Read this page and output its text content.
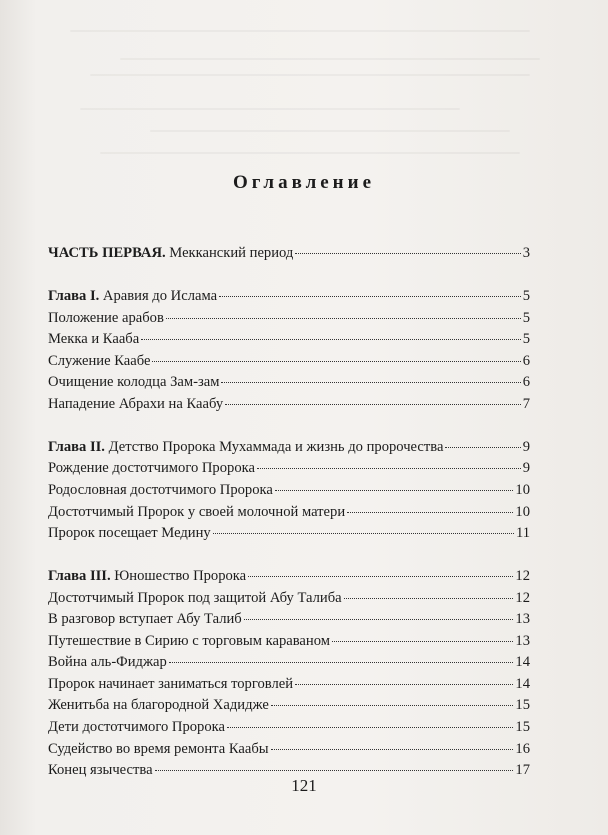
Оглавление
ЧАСТЬ ПЕРВАЯ. Мекканский период	3
Глава I. Аравия до Ислама	5
Положение арабов	5
Мекка и Кааба	5
Служение Каабе	6
Очищение колодца Зам-зам	6
Нападение Абрахи на Каабу	7
Глава II. Детство Пророка Мухаммада и жизнь до пророчества	9
Рождение достотчимого Пророка	9
Родословная достотчимого Пророка	10
Достотчимый Пророк у своей молочной матери	10
Пророк посещает Медину	11
Глава III. Юношество Пророка	12
Достотчимый Пророк под защитой Абу Талиба	12
В разговор вступает Абу Талиб	13
Путешествие в Сирию с торговым караваном	13
Война аль-Фиджар	14
Пророк начинает заниматься торговлей	14
Женитьба на благородной Хадидже	15
Дети достотчимого Пророка	15
Судейство во время ремонта Каабы	16
Конец язычества	17
121
